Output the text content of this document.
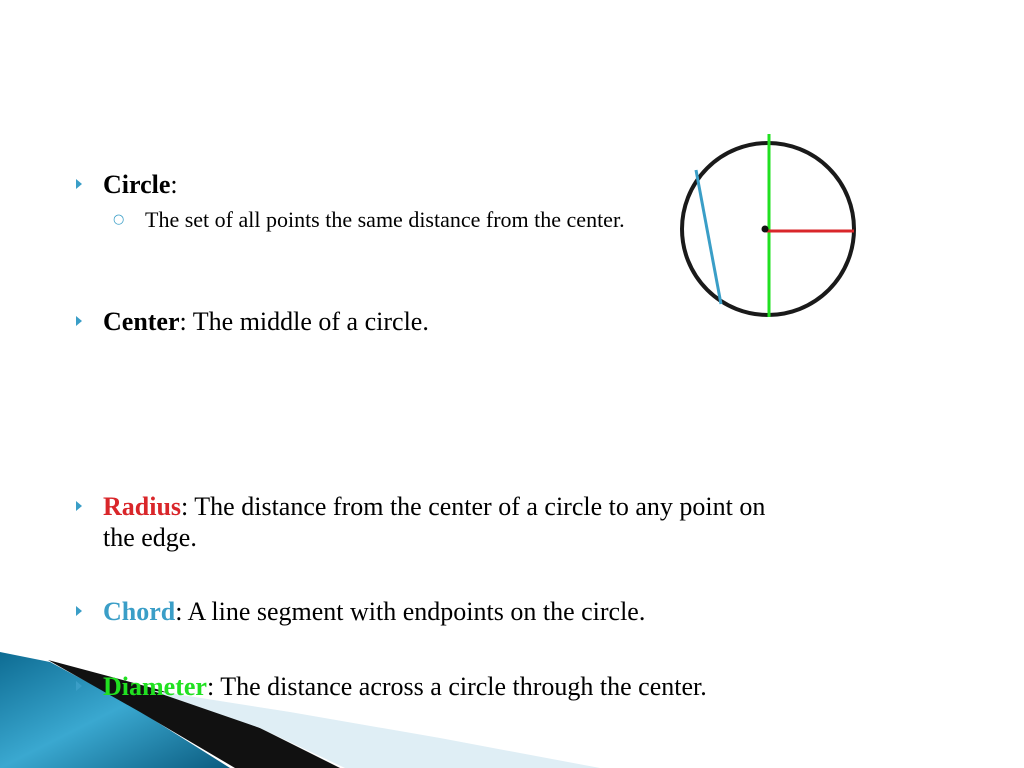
Circle:
○ The set of all points the same distance from the center.
Center: The middle of a circle.
Radius: The distance from the center of a circle to any point on
the edge.
Chord: A line segment with endpoints on the circle.
Diameter: The distance across a circle through the center.
